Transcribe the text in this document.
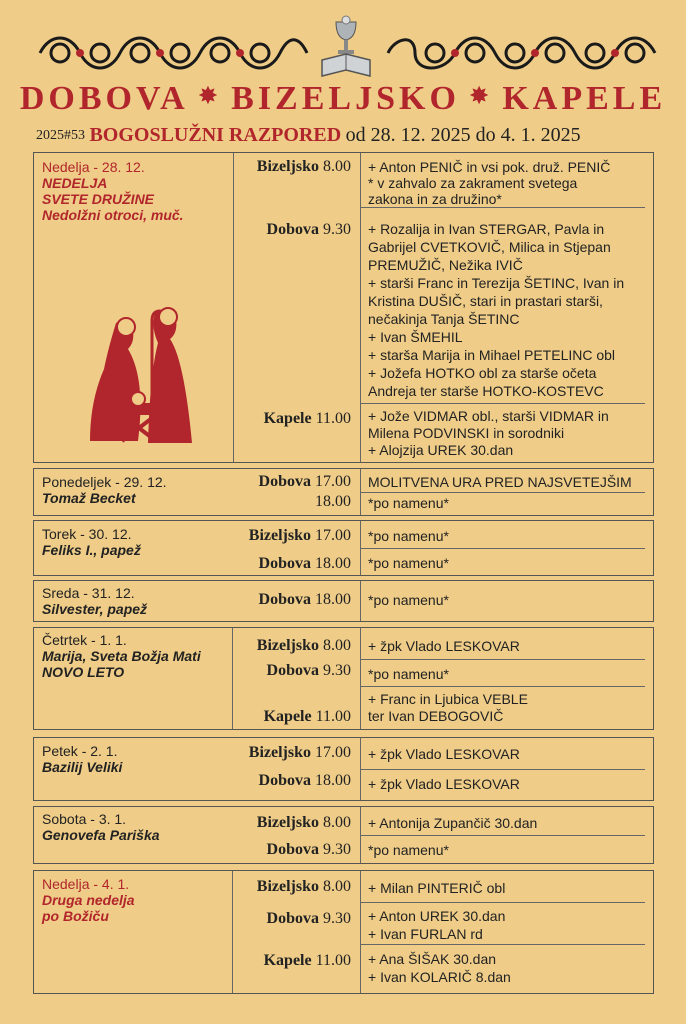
DOBOVA ✸ BIZELJSKO ✸ KAPELE
2025#53 BOGOSLUŽNI RAZPORED od 28. 12. 2025 do 4. 1. 2025
Nedelja - 28. 12.
NEDELJA
SVETE DRUŽINE
Nedolžni otroci, muč.
Bizeljsko 8.00 + Anton PENIČ in vsi pok. druž. PENIČ
* v zahvalo za zakrament svetega
zakona in za družino*
Dobova 9.30 + Rozalija in Ivan STERGAR, Pavla in
Gabrijel CVETKOVIČ, Milica in Stjepan
PREMUŽIČ, Nežika IVIČ
+ starši Franc in Terezija ŠETINC, Ivan in
Kristina DUŠIČ, stari in prastari starši,
nečakinja Tanja ŠETINC
+ Ivan ŠMEHIL
+ starša Marija in Mihael PETELINC obl
+ Jožefa HOTKO obl za starše očeta
Andreja ter starše HOTKO-KOSTEVC
Kapele 11.00 + Jože VIDMAR obl., starši VIDMAR in
Milena PODVINSKI in sorodniki
+ Alojzija UREK 30.dan
Ponedeljek - 29. 12.
Tomaž Becket
Dobova 17.00 MOLITVENA URA PRED NAJSVETEJŠIM
18.00 *po namenu*
Torek - 30. 12.
Feliks I., papež
Bizeljsko 17.00 *po namenu*
Dobova 18.00 *po namenu*
Sreda - 31. 12.
Silvester, papež
Dobova 18.00 *po namenu*
Četrtek - 1. 1.
Marija, Sveta Božja Mati
NOVO LETO
Bizeljsko 8.00 + žpk Vlado LESKOVAR
Dobova 9.30 *po namenu*
Kapele 11.00
+ Franc in Ljubica VEBLE
ter Ivan DEBOGOVIČ
Petek - 2. 1.
Bazilij Veliki
Bizeljsko 17.00 + žpk Vlado LESKOVAR
Dobova 18.00 + žpk Vlado LESKOVAR
Sobota - 3. 1.
Genovefa Pariška
Bizeljsko 8.00 + Antonija Zupančič 30.dan
Dobova 9.30 *po namenu*
Nedelja - 4. 1.
Druga nedelja
po Božiču
Bizeljsko 8.00 + Milan PINTERIČ obl
Dobova 9.30 + Anton UREK 30.dan
+ Ivan FURLAN rd
Kapele 11.00 + Ana ŠIŠAK 30.dan
+ Ivan KOLARIČ 8.dan
